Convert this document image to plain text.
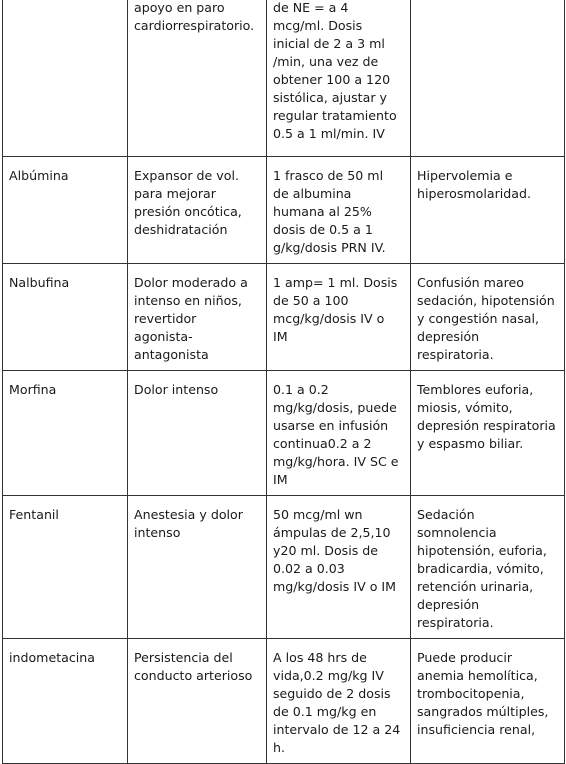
	apoyo en paro cardiorrespiratorio.	de NE = a 4 mcg/ml. Dosis inicial de 2 a 3 ml /min, una vez de obtener 100 a 120 sistólica, ajustar y regular tratamiento 0.5 a 1 ml/min. IV	
Albúmina	Expansor de vol. para mejorar presión oncótica, deshidratación	1 frasco de 50 ml de albumina humana al 25% dosis de 0.5 a 1 g/kg/dosis PRN IV.	Hipervolemia e hiperosmolaridad.
Nalbufina	Dolor moderado a intenso en niños, revertidor agonista-antagonista	1 amp= 1 ml. Dosis de 50 a 100 mcg/kg/dosis IV o IM	Confusión mareo sedación, hipotensión y congestión nasal, depresión respiratoria.
Morfina	Dolor intenso	0.1 a 0.2 mg/kg/dosis, puede usarse en infusión continua0.2 a 2 mg/kg/hora. IV SC e IM	Temblores euforia, miosis, vómito, depresión respiratoria y espasmo biliar.
Fentanil	Anestesia y dolor intenso	50 mcg/ml wn ámpulas de 2,5,10 y20 ml. Dosis de 0.02 a 0.03 mg/kg/dosis IV o IM	Sedación somnolencia hipotensión, euforia, bradicardia, vómito, retención urinaria, depresión respiratoria.
indometacina	Persistencia del conducto arterioso	A los 48 hrs de vida,0.2 mg/kg IV seguido de 2 dosis de 0.1 mg/kg en intervalo de 12 a 24 h.	Puede producir anemia hemolítica, trombocitopenia, sangrados múltiples, insuficiencia renal,
